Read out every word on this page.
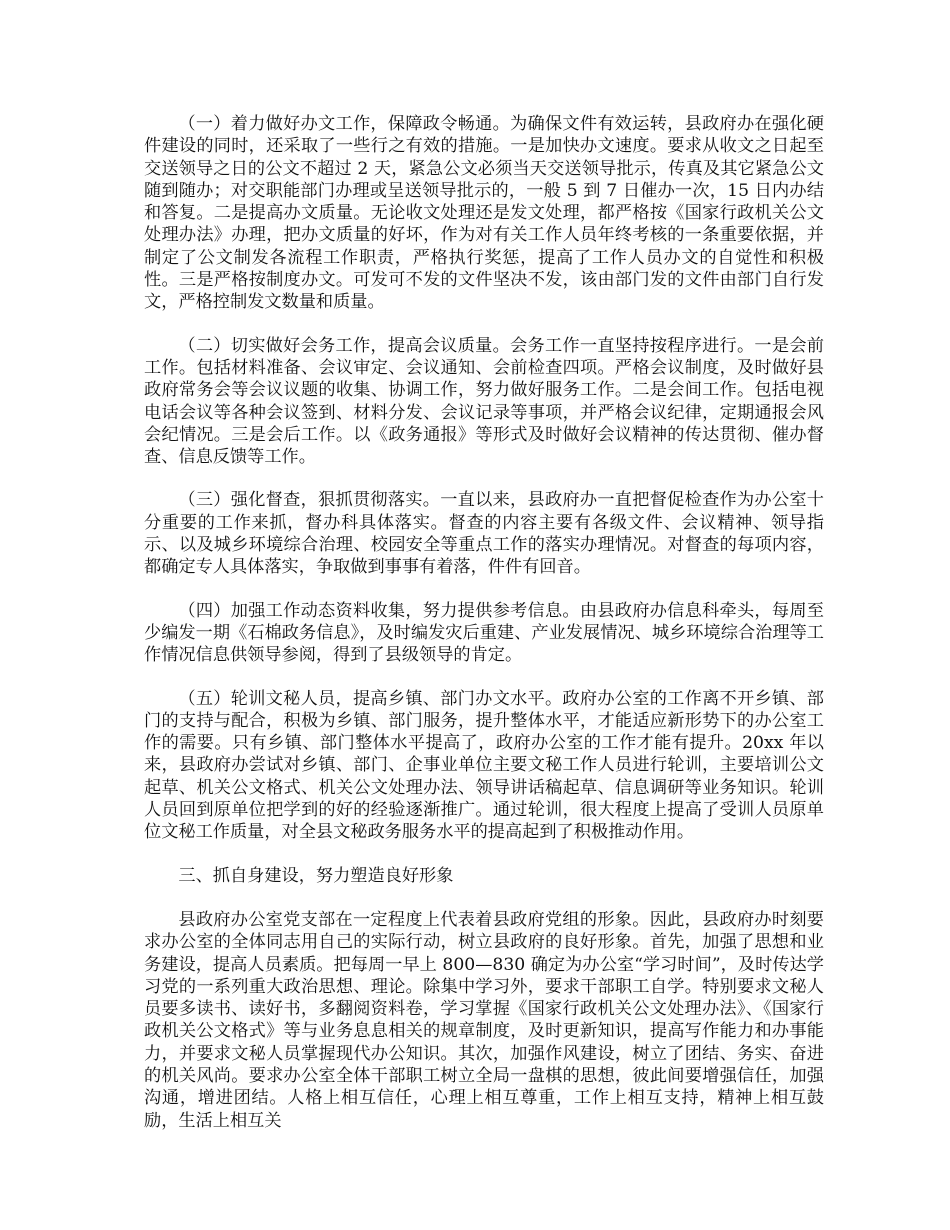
（一）着力做好办文工作，保障政令畅通。为确保文件有效运转，县政府办在强化硬件建设的同时，还采取了一些行之有效的措施。一是加快办文速度。要求从收文之日起至交送领导之日的公文不超过 2 天，紧急公文必须当天交送领导批示，传真及其它紧急公文随到随办；对交职能部门办理或呈送领导批示的，一般 5 到 7 日催办一次，15 日内办结和答复。二是提高办文质量。无论收文处理还是发文处理，都严格按《国家行政机关公文处理办法》办理，把办文质量的好坏，作为对有关工作人员年终考核的一条重要依据，并制定了公文制发各流程工作职责，严格执行奖惩，提高了工作人员办文的自觉性和积极性。三是严格按制度办文。可发可不发的文件坚决不发，该由部门发的文件由部门自行发文，严格控制发文数量和质量。

（二）切实做好会务工作，提高会议质量。会务工作一直坚持按程序进行。一是会前工作。包括材料准备、会议审定、会议通知、会前检查四项。严格会议制度，及时做好县政府常务会等会议议题的收集、协调工作，努力做好服务工作。二是会间工作。包括电视电话会议等各种会议签到、材料分发、会议记录等事项，并严格会议纪律，定期通报会风会纪情况。三是会后工作。以《政务通报》等形式及时做好会议精神的传达贯彻、催办督查、信息反馈等工作。

（三）强化督查，狠抓贯彻落实。一直以来，县政府办一直把督促检查作为办公室十分重要的工作来抓，督办科具体落实。督查的内容主要有各级文件、会议精神、领导指示、以及城乡环境综合治理、校园安全等重点工作的落实办理情况。对督查的每项内容，都确定专人具体落实，争取做到事事有着落，件件有回音。

（四）加强工作动态资料收集，努力提供参考信息。由县政府办信息科牵头，每周至少编发一期《石棉政务信息》，及时编发灾后重建、产业发展情况、城乡环境综合治理等工作情况信息供领导参阅，得到了县级领导的肯定。

（五）轮训文秘人员，提高乡镇、部门办文水平。政府办公室的工作离不开乡镇、部门的支持与配合，积极为乡镇、部门服务，提升整体水平，才能适应新形势下的办公室工作的需要。只有乡镇、部门整体水平提高了，政府办公室的工作才能有提升。20xx 年以来，县政府办尝试对乡镇、部门、企事业单位主要文秘工作人员进行轮训，主要培训公文起草、机关公文格式、机关公文处理办法、领导讲话稿起草、信息调研等业务知识。轮训人员回到原单位把学到的好的经验逐渐推广。通过轮训，很大程度上提高了受训人员原单位文秘工作质量，对全县文秘政务服务水平的提高起到了积极推动作用。

三、抓自身建设，努力塑造良好形象

县政府办公室党支部在一定程度上代表着县政府党组的形象。因此，县政府办时刻要求办公室的全体同志用自己的实际行动，树立县政府的良好形象。首先，加强了思想和业务建设，提高人员素质。把每周一早上 800—830 确定为办公室“学习时间”，及时传达学习党的一系列重大政治思想、理论。除集中学习外，要求干部职工自学。特别要求文秘人员要多读书、读好书，多翻阅资料卷，学习掌握《国家行政机关公文处理办法》、《国家行政机关公文格式》等与业务息息相关的规章制度，及时更新知识，提高写作能力和办事能力，并要求文秘人员掌握现代办公知识。其次，加强作风建设，树立了团结、务实、奋进的机关风尚。要求办公室全体干部职工树立全局一盘棋的思想，彼此间要增强信任，加强沟通，增进团结。人格上相互信任，心理上相互尊重，工作上相互支持，精神上相互鼓励，生活上相互关
